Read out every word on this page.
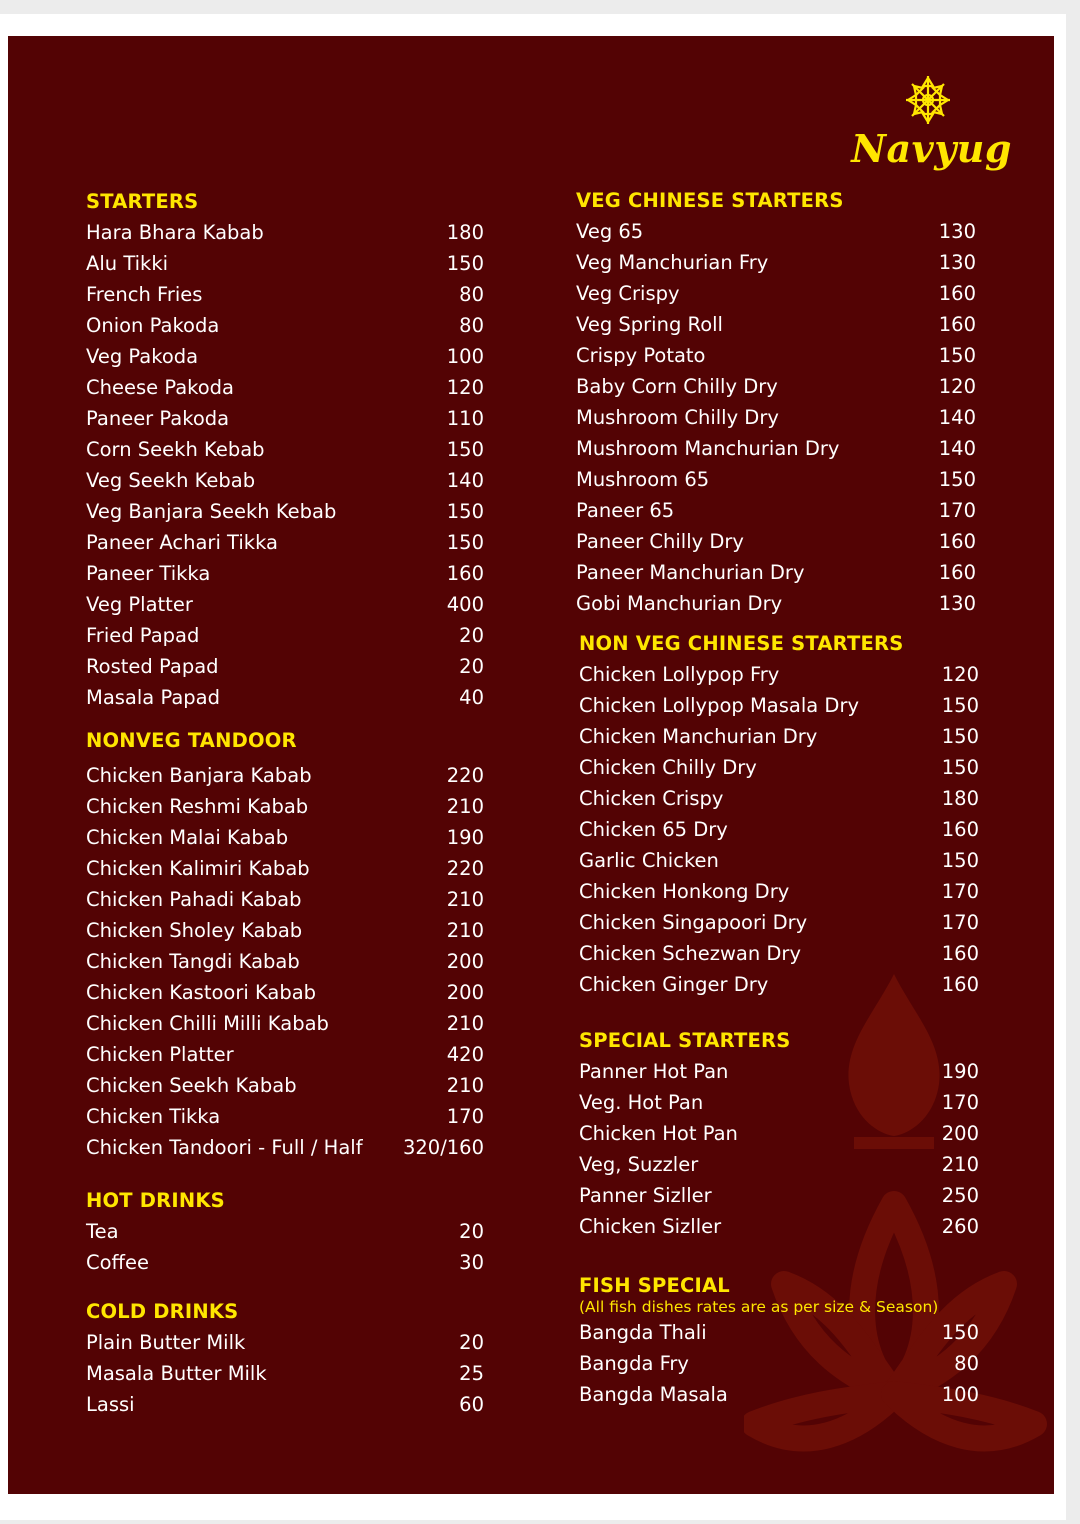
Navyug
STARTERS
Hara Bhara Kabab	180
Alu Tikki	150
French Fries	80
Onion Pakoda	80
Veg Pakoda	100
Cheese Pakoda	120
Paneer Pakoda	110
Corn Seekh Kebab	150
Veg Seekh Kebab	140
Veg Banjara Seekh Kebab	150
Paneer Achari Tikka	150
Paneer Tikka	160
Veg Platter	400
Fried Papad	20
Rosted Papad	20
Masala Papad	40
NONVEG TANDOOR
Chicken Banjara Kabab	220
Chicken Reshmi Kabab	210
Chicken Malai Kabab	190
Chicken Kalimiri Kabab	220
Chicken Pahadi Kabab	210
Chicken Sholey Kabab	210
Chicken Tangdi Kabab	200
Chicken Kastoori Kabab	200
Chicken Chilli Milli Kabab	210
Chicken Platter	420
Chicken Seekh Kabab	210
Chicken Tikka	170
Chicken Tandoori - Full / Half 320/160
HOT DRINKS
Tea	20
Coffee	30
COLD DRINKS
Plain Butter Milk	20
Masala Butter Milk	25
Lassi	60
VEG CHINESE STARTERS
Veg 65	130
Veg Manchurian Fry	130
Veg Crispy	160
Veg Spring Roll	160
Crispy Potato	150
Baby Corn Chilly Dry	120
Mushroom Chilly Dry	140
Mushroom Manchurian Dry	140
Mushroom 65	150
Paneer 65	170
Paneer Chilly Dry	160
Paneer Manchurian Dry	160
Gobi Manchurian Dry	130
NON VEG CHINESE STARTERS
Chicken Lollypop Fry	120
Chicken Lollypop Masala Dry	150
Chicken Manchurian Dry	150
Chicken Chilly Dry	150
Chicken Crispy	180
Chicken 65 Dry	160
Garlic Chicken	150
Chicken Honkong Dry	170
Chicken Singapoori Dry	170
Chicken Schezwan Dry	160
Chicken Ginger Dry	160
SPECIAL STARTERS
Panner Hot Pan	190
Veg. Hot Pan	170
Chicken Hot Pan	200
Veg, Suzzler	210
Panner Sizller	250
Chicken Sizller	260
FISH SPECIAL
(All fish dishes rates are as per size & Season)
Bangda Thali	150
Bangda Fry	80
Bangda Masala	100
